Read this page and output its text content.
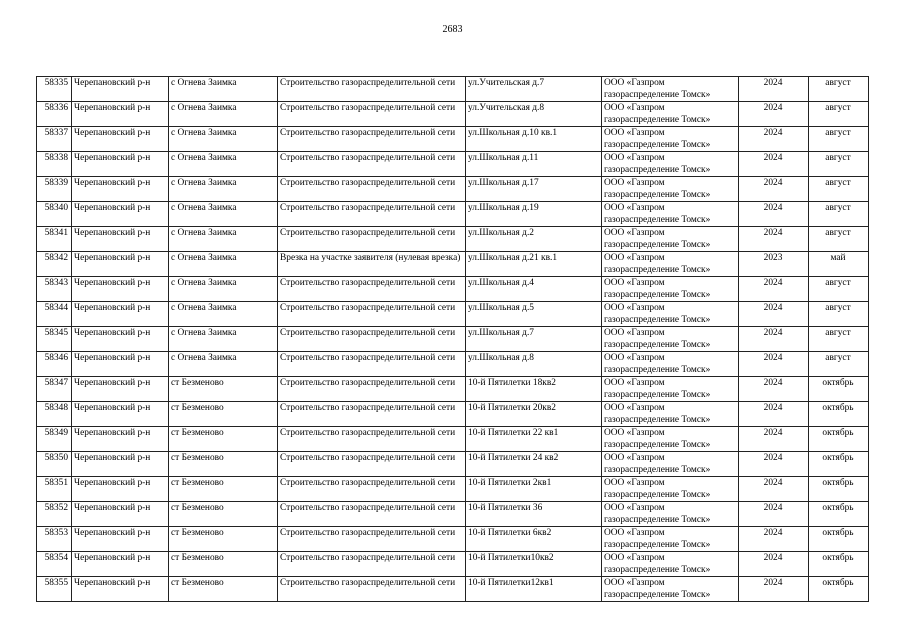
2683
58335	Черепановский р-н	с Огнева Заимка	Строительство газораспределительной сети	ул.Учительская д.7	ООО «Газпром газораспределение Томск»	2024	август
58336	Черепановский р-н	с Огнева Заимка	Строительство газораспределительной сети	ул.Учительская д.8	ООО «Газпром газораспределение Томск»	2024	август
58337	Черепановский р-н	с Огнева Заимка	Строительство газораспределительной сети	ул.Школьная д.10 кв.1	ООО «Газпром газораспределение Томск»	2024	август
58338	Черепановский р-н	с Огнева Заимка	Строительство газораспределительной сети	ул.Школьная д.11	ООО «Газпром газораспределение Томск»	2024	август
58339	Черепановский р-н	с Огнева Заимка	Строительство газораспределительной сети	ул.Школьная д.17	ООО «Газпром газораспределение Томск»	2024	август
58340	Черепановский р-н	с Огнева Заимка	Строительство газораспределительной сети	ул.Школьная д.19	ООО «Газпром газораспределение Томск»	2024	август
58341	Черепановский р-н	с Огнева Заимка	Строительство газораспределительной сети	ул.Школьная д.2	ООО «Газпром газораспределение Томск»	2024	август
58342	Черепановский р-н	с Огнева Заимка	Врезка на участке заявителя (нулевая врезка)	ул.Школьная д.21 кв.1	ООО «Газпром газораспределение Томск»	2023	май
58343	Черепановский р-н	с Огнева Заимка	Строительство газораспределительной сети	ул.Школьная д.4	ООО «Газпром газораспределение Томск»	2024	август
58344	Черепановский р-н	с Огнева Заимка	Строительство газораспределительной сети	ул.Школьная д.5	ООО «Газпром газораспределение Томск»	2024	август
58345	Черепановский р-н	с Огнева Заимка	Строительство газораспределительной сети	ул.Школьная д.7	ООО «Газпром газораспределение Томск»	2024	август
58346	Черепановский р-н	с Огнева Заимка	Строительство газораспределительной сети	ул.Школьная д.8	ООО «Газпром газораспределение Томск»	2024	август
58347	Черепановский р-н	ст Безменово	Строительство газораспределительной сети	10-й Пятилетки 18кв2	ООО «Газпром газораспределение Томск»	2024	октябрь
58348	Черепановский р-н	ст Безменово	Строительство газораспределительной сети	10-й Пятилетки 20кв2	ООО «Газпром газораспределение Томск»	2024	октябрь
58349	Черепановский р-н	ст Безменово	Строительство газораспределительной сети	10-й Пятилетки 22 кв1	ООО «Газпром газораспределение Томск»	2024	октябрь
58350	Черепановский р-н	ст Безменово	Строительство газораспределительной сети	10-й Пятилетки 24 кв2	ООО «Газпром газораспределение Томск»	2024	октябрь
58351	Черепановский р-н	ст Безменово	Строительство газораспределительной сети	10-й Пятилетки 2кв1	ООО «Газпром газораспределение Томск»	2024	октябрь
58352	Черепановский р-н	ст Безменово	Строительство газораспределительной сети	10-й Пятилетки 36	ООО «Газпром газораспределение Томск»	2024	октябрь
58353	Черепановский р-н	ст Безменово	Строительство газораспределительной сети	10-й Пятилетки 6кв2	ООО «Газпром газораспределение Томск»	2024	октябрь
58354	Черепановский р-н	ст Безменово	Строительство газораспределительной сети	10-й Пятилетки10кв2	ООО «Газпром газораспределение Томск»	2024	октябрь
58355	Черепановский р-н	ст Безменово	Строительство газораспределительной сети	10-й Пятилетки12кв1	ООО «Газпром газораспределение Томск»	2024	октябрь
